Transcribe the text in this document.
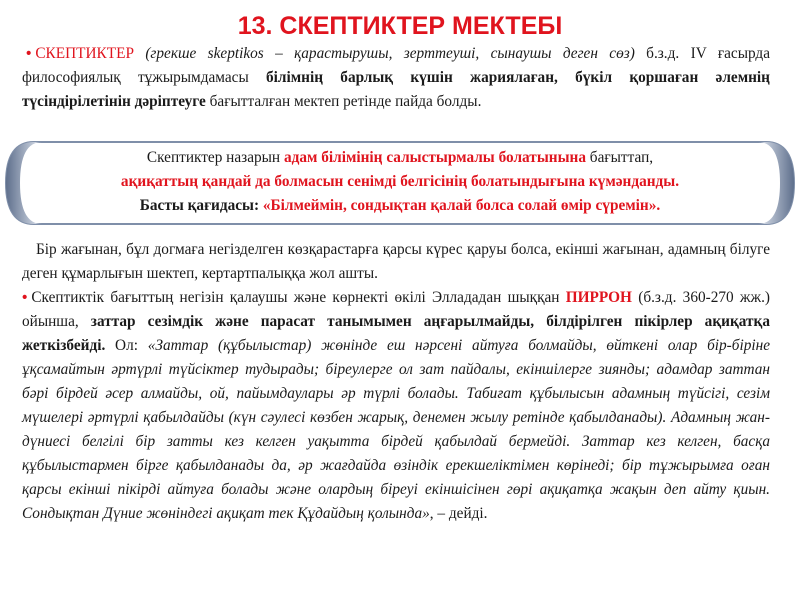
13. СКЕПТИКТЕР МЕКТЕБІ
• СКЕПТИКТЕР (грекше skeptikos – қарастырушы, зерттеуші, сынаушы деген сөз) б.з.д. IV ғасырда философиялық тұжырымдамасы білімнің барлық күшін жариялаған, бүкіл қоршаған әлемнің түсіндірілетінін дәріптеуге бағытталған мектеп ретінде пайда болды.
Скептиктер назарын адам білімінің салыстырмалы болатынына бағыттап,
ақиқаттың қандай да болмасын сенімді белгісінің болатындығына күмәнданды.
Басты қағидасы: «Білмеймін, сондықтан қалай болса солай өмір сүремін».
Бір жағынан, бұл догмаға негізделген көзқарастарға қарсы күрес қаруы болса, екінші жағынан, адамның білуге деген құмарлығын шектеп, кертартпалыққа жол ашты.
• Скептиктік бағыттың негізін қалаушы және көрнекті өкілі Эллададан шыққан ПИРРОН (б.з.д. 360-270 жж.) ойынша, заттар сезімдік және парасат танымымен аңғарылмайды, білдірілген пікірлер ақиқатқа жеткізбейді. Ол: «Заттар (құбылыстар) жөнінде еш нәрсені айтуға болмайды, өйткені олар бір-біріне ұқсамайтын әртүрлі түйсіктер тудырады; біреулерге ол зат пайдалы, екіншілерге зиянды; адамдар заттан бәрі бірдей әсер алмайды, ой, пайымдаулары әр түрлі болады. Табиғат құбылысын адамның түйсігі, сезім мүшелері әртүрлі қабылдайды (күн сәулесі көзбен жарық, денемен жылу ретінде қабылданады). Адамның жан-дүниесі белгілі бір затты кез келген уақытта бірдей қабылдай бермейді. Заттар кез келген, басқа құбылыстармен бірге қабылданады да, әр жағдайда өзіндік ерекшеліктімен көрінеді; бір тұжырымға оған қарсы екінші пікірді айтуға болады және олардың біреуі екіншісінен гөрі ақиқатқа жақын деп айту қиын. Сондықтан Дүние жөніндегі ақиқат тек Құдайдың қолында», – дейді.
